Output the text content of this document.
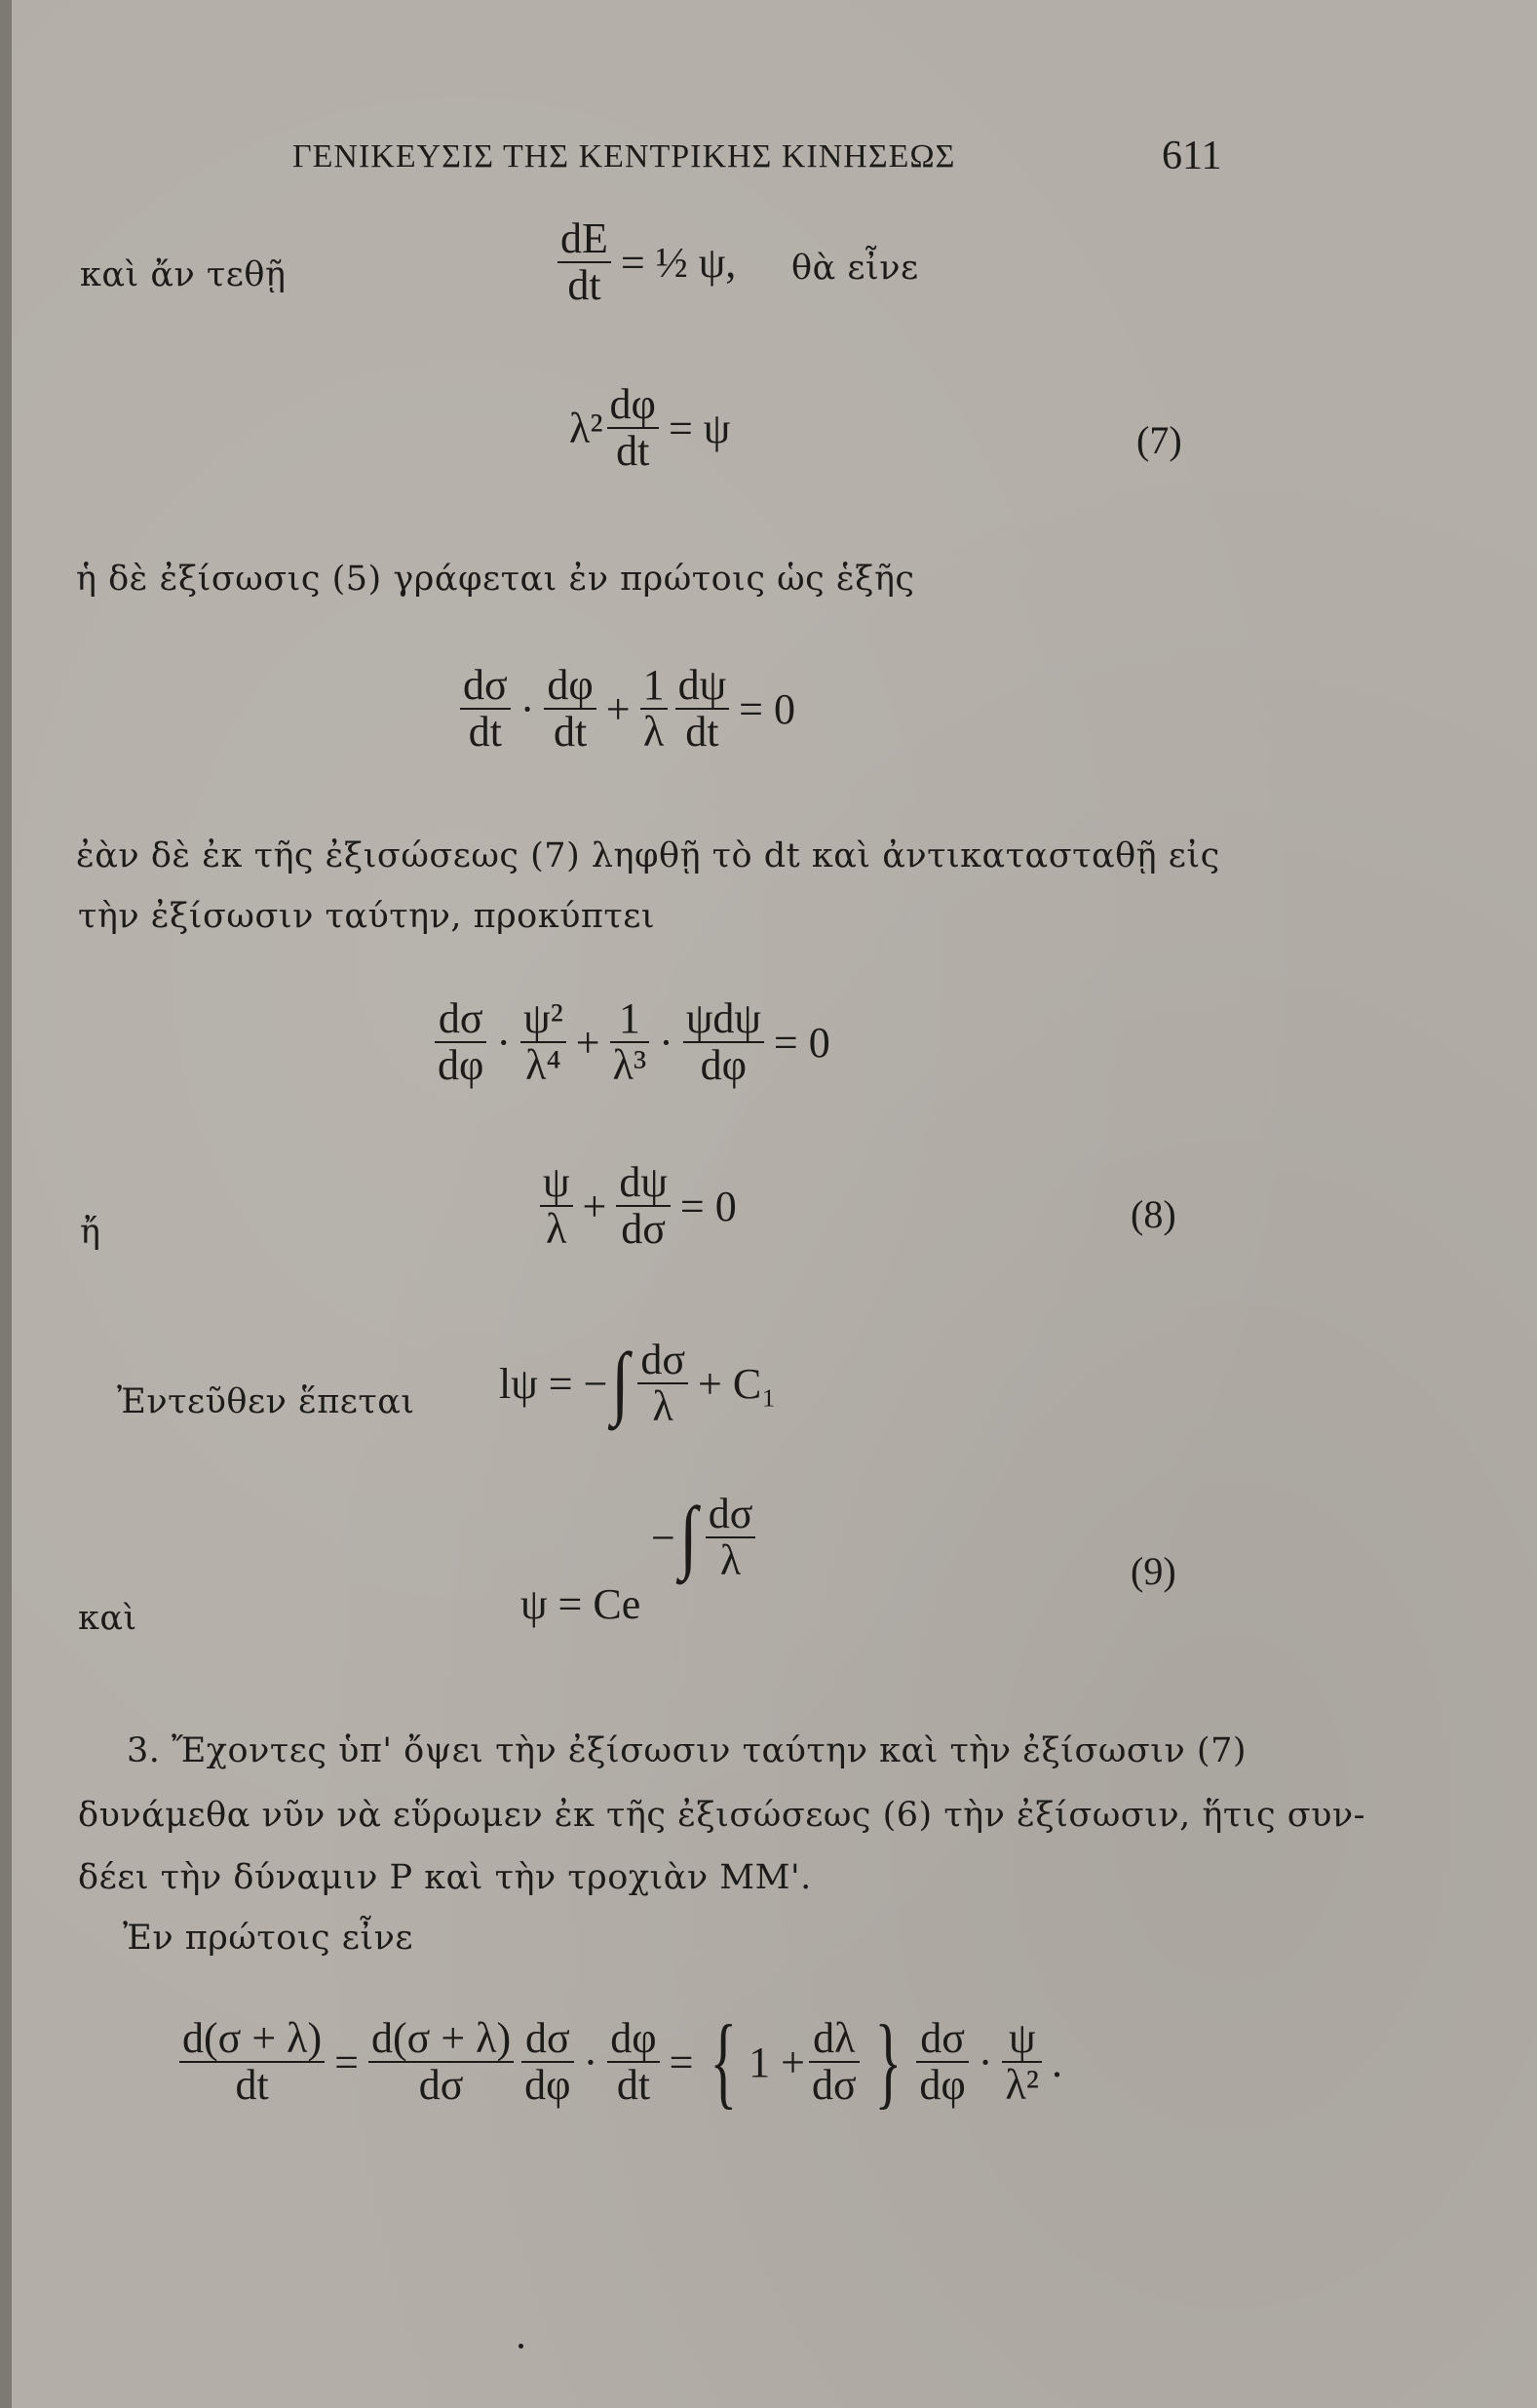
ΓΕΝΙΚΕΥΣΙΣ ΤΗΣ ΚΕΝΤΡΙΚΗΣ ΚΙΝΗΣΕΩΣ	611
καὶ ἄν τεθῇ	$\frac{dE}{dt}$ = ½ ψ, θὰ εἶνε
$\lambda^2 \frac{d\varphi}{dt} = \psi$	(7)
ἡ δὲ ἐξίσωσις (5) γράφεται ἐν πρώτοις ὡς ἑξῆς
$\frac{d\sigma}{dt} \cdot \frac{d\varphi}{dt} + \frac{1}{\lambda} \frac{d\psi}{dt} = 0$
ἐὰν δὲ ἐκ τῆς ἐξισώσεως (7) ληφθῇ τὸ dt καὶ ἀντικατασταθῇ εἰς
τὴν ἐξίσωσιν ταύτην, προκύπτει
$\frac{d\sigma}{d\varphi} \cdot \frac{\text{ψ²}}{\text{λ⁴}} + \frac{1}{\text{λ³}} \cdot \frac{\text{ψdψ}}{d\varphi} = 0$
ἤ	$\frac{\psi}{\lambda} + \frac{d\psi}{d\sigma} = 0$	(8)
Ἐντεῦθεν ἕπεται lψ = − ∫ $\frac{d\sigma}{\lambda} + C_1$
καὶ	ψ = Ce
− ∫ $\frac{d\sigma}{\lambda}$	(9)
3. Ἔχοντες ὑπ' ὄψει τὴν ἐξίσωσιν ταύτην καὶ τὴν ἐξίσωσιν (7)
δυνάμεθα νῦν νὰ εὕρωμεν ἐκ τῆς ἐξισώσεως (6) τὴν ἐξίσωσιν, ἥτις συν-
δέει τὴν δύναμιν P καὶ τὴν τροχιὰν MM'.
Ἐν πρώτοις εἶνε
$\frac{d(\sigma + \lambda)}{dt} = \frac{d(\sigma + \lambda)}{d\sigma} \frac{d\sigma}{d\varphi} \cdot \frac{d\varphi}{dt}$ = { $1 + \frac{d\lambda}{d\sigma}$ } $\frac{d\sigma}{d\varphi} \cdot \frac{\psi}{\text{λ²}}$ .
